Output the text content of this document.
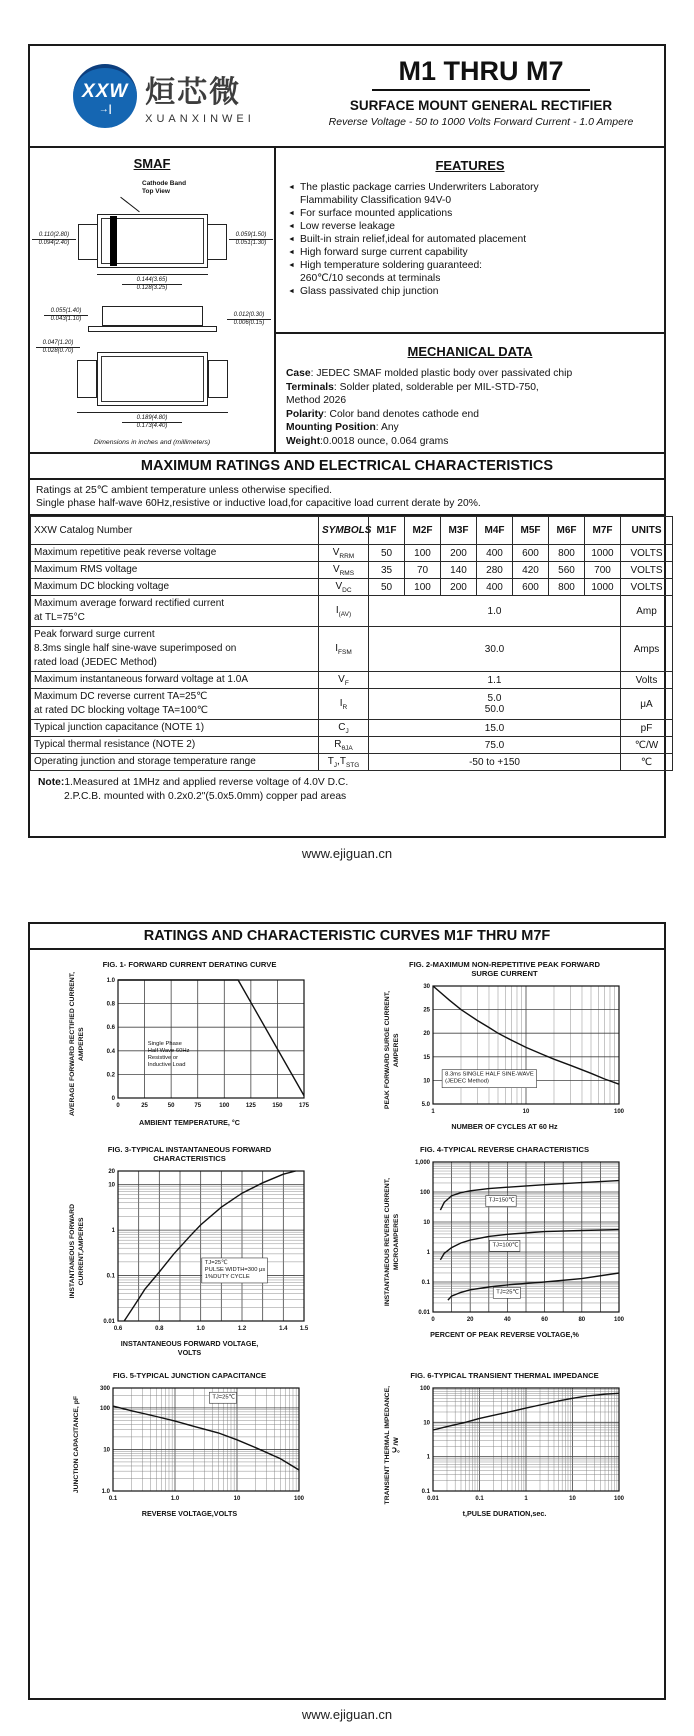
XXW
→|
烜芯微
XUANXINWEI
M1 THRU M7
SURFACE MOUNT GENERAL RECTIFIER
Reverse Voltage - 50 to 1000 Volts Forward Current - 1.0 Ampere
SMAF
Cathode Band
Top View
0.110(2.80)
0.094(2.40)
0.059(1.50)
0.051(1.30)
0.144(3.65)
0.128(3.25)
0.055(1.40)
0.043(1.10)
0.012(0.30)
0.006(0.15)
0.047(1.20)
0.028(0.70)
0.189(4.80)
0.173(4.40)
Dimensions in inches and (millimeters)
FEATURES
◄ The plastic package carries Underwriters Laboratory
Flammability Classification 94V-0
◄ For surface mounted applications
◄ Low reverse leakage
◄ Built-in strain relief,ideal for automated placement
◄ High forward surge current capability
◄ High temperature soldering guaranteed:
260℃/10 seconds at terminals
◄ Glass passivated chip junction
MECHANICAL DATA
Case: JEDEC SMAF molded plastic body over passivated chip
Terminals: Solder plated, solderable per MIL-STD-750,
Method 2026
Polarity: Color band denotes cathode end
Mounting Position: Any
Weight:0.0018 ounce, 0.064 grams
MAXIMUM RATINGS AND ELECTRICAL CHARACTERISTICS
Ratings at 25℃ ambient temperature unless otherwise specified.
Single phase half-wave 60Hz,resistive or inductive load,for capacitive load current derate by 20%.
XXW Catalog Number	SYMBOLS	M1F	M2F	M3F	M4F	M5F	M6F	M7F	UNITS

Maximum repetitive peak reverse voltage	$V_{RRM}$	50	100	200	400	600	800	1000	VOLTS

Maximum RMS voltage	$V_{RMS}$	35	70	140	280	420	560	700	VOLTS

Maximum DC blocking voltage	$V_{DC}$	50	100	200	400	600	800	1000	VOLTS

Maximum average forward rectified current
at TL=75°C	$I_{(AV)}$	1.0							Amp

Peak forward surge current
8.3ms single half sine-wave superimposed on
rated load (JEDEC Method)	$I_{FSM}$	30.0							Amps

Maximum instantaneous forward voltage at 1.0A	$V_F$	1.1							Volts

Maximum DC reverse current TA=25℃
at rated DC blocking voltage TA=100℃
	$I_R$	
5.0
50.0	μA

Typical junction capacitance (NOTE 1)	$C_J$	15.0							pF

Typical thermal resistance (NOTE 2)	$R_{\theta JA}$	75.0							℃/W

Operating junction and storage temperature range	$T_J,T_{STG}$	-50 to +150							℃
Note:1.Measured at 1MHz and applied reverse voltage of 4.0V D.C.
2.P.C.B. mounted with 0.2x0.2"(5.0x5.0mm) copper pad areas
www.ejiguan.cn
RATINGS AND CHARACTERISTIC CURVES M1F THRU M7F
FIG. 1- FORWARD CURRENT DERATING CURVE
AVERAGE FORWARD RECTIFIED CURRENT, AMPERES
0	25	50	75	100	125	150	175
0
0.2
0.4
0.6
0.8
1.0
Single Phase
Half Wave 60Hz
Resistive or
Inductive Load
AMBIENT TEMPERATURE, °C
FIG. 2-MAXIMUM NON-REPETITIVE PEAK FORWARD
SURGE CURRENT
PEAK FORWARD SURGE CURRENT, AMPERES
1	10	100
5.0
10
15
20
25
30
8.3ms SINGLE HALF SINE-WAVE
(JEDEC Method)
NUMBER OF CYCLES AT 60 Hz
FIG. 3-TYPICAL INSTANTANEOUS FORWARD
CHARACTERISTICS
INSTANTANEOUS FORWARD CURRENT,AMPERES
0.6	0.8	1.0	1.2	1.4 1.5
0.01
0.1
1
10
20
TJ=25℃
PULSE WIDTH=300 μs
1%DUTY CYCLE
INSTANTANEOUS FORWARD VOLTAGE,
VOLTS
FIG. 4-TYPICAL REVERSE CHARACTERISTICS
INSTANTANEOUS REVERSE CURRENT, MICROAMPERES
0	20	40	60	80	100
0.01
0.1
1
10
100
1,000
TJ=150℃
TJ=100℃
TJ=25℃
PERCENT OF PEAK REVERSE VOLTAGE,%
FIG. 5-TYPICAL JUNCTION CAPACITANCE
JUNCTION CAPACITANCE, pF
0.1	1.0	10	100
1.0
10
100
300
TJ=25℃
REVERSE VOLTAGE,VOLTS
FIG. 6-TYPICAL TRANSIENT THERMAL IMPEDANCE
TRANSIENT THERMAL IMPEDANCE, ℃/W
0.01	0.1	1	10	100
0.1
1
10
100
t,PULSE DURATION,sec.
www.ejiguan.cn
